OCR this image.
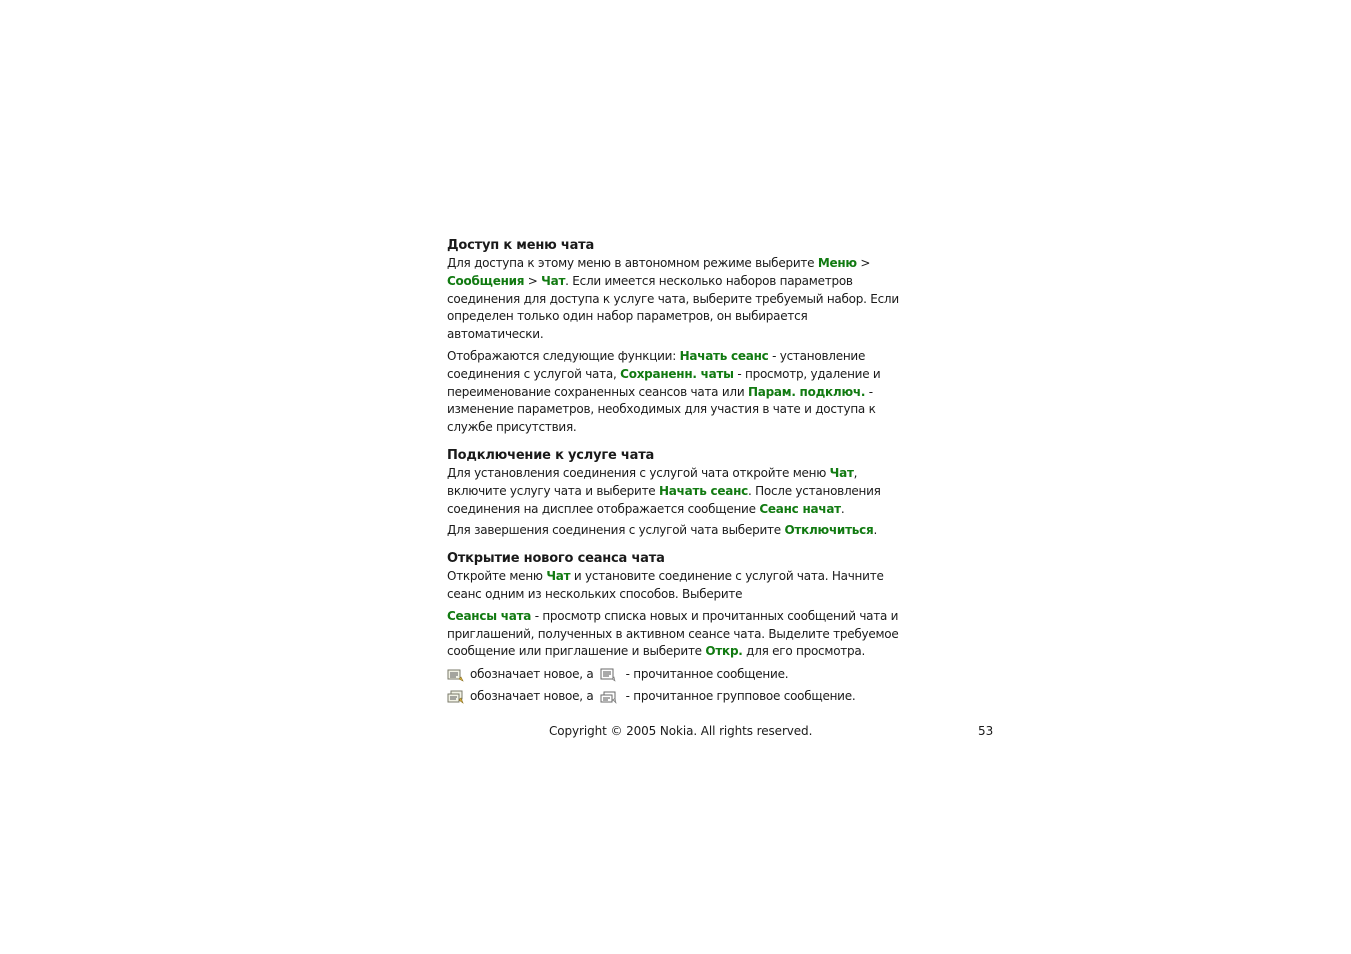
Доступ к меню чата

Для доступа к этому меню в автономном режиме выберите Меню > Сообщения > Чат. Если имеется несколько наборов параметров соединения для доступа к услуге чата, выберите требуемый набор. Если определен только один набор параметров, он выбирается автоматически.

Отображаются следующие функции: Начать сеанс - установление соединения с услугой чата, Сохраненн. чаты - просмотр, удаление и переименование сохраненных сеансов чата или Парам. подключ. - изменение параметров, необходимых для участия в чате и доступа к службе присутствия.

Подключение к услуге чата

Для установления соединения с услугой чата откройте меню Чат, включите услугу чата и выберите Начать сеанс. После установления соединения на дисплее отображается сообщение Сеанс начат.

Для завершения соединения с услугой чата выберите Отключиться.

Открытие нового сеанса чата

Откройте меню Чат и установите соединение с услугой чата. Начните сеанс одним из нескольких способов. Выберите

Сеансы чата - просмотр списка новых и прочитанных сообщений чата и приглашений, полученных в активном сеансе чата. Выделите требуемое сообщение или приглашение и выберите Откр. для его просмотра.

обозначает новое, а - прочитанное сообщение.
обозначает новое, а - прочитанное групповое сообщение.
Copyright © 2005 Nokia. All rights reserved.	53
